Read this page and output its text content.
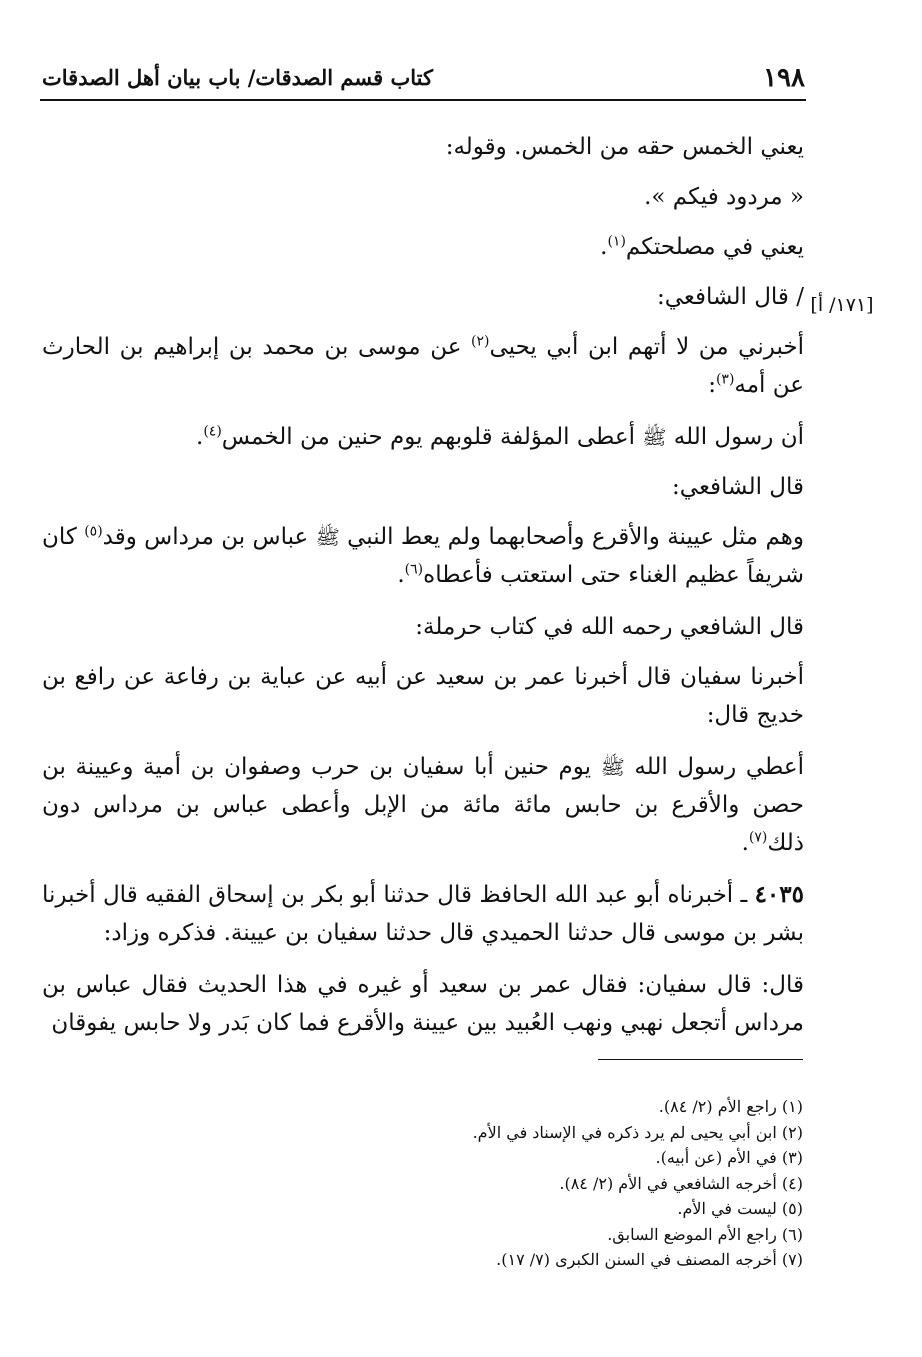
١٩٨
كتاب قسم الصدقات/ باب بيان أهل الصدقات
[١٧١/ أ]

يعني الخمس حقه من الخمس. وقوله:

« مردود فيكم ».

يعني في مصلحتكم$^{(١)}$.

/ قال الشافعي:

أخبرني من لا أتهم ابن أبي يحيى$^{(٢)}$ عن موسى بن محمد بن إبراهيم بن الحارث عن أمه$^{(٣)}$:

أن رسول الله ﷺ أعطى المؤلفة قلوبهم يوم حنين من الخمس$^{(٤)}$.

قال الشافعي:

وهم مثل عيينة والأقرع وأصحابهما ولم يعط النبي ﷺ عباس بن مرداس وقد$^{(٥)}$ كان شريفاً عظيم الغناء حتى استعتب فأعطاه$^{(٦)}$.

قال الشافعي رحمه الله في كتاب حرملة:

أخبرنا سفيان قال أخبرنا عمر بن سعيد عن أبيه عن عباية بن رفاعة عن رافع بن خديج قال:

أعطي رسول الله ﷺ يوم حنين أبا سفيان بن حرب وصفوان بن أمية وعيينة بن حصن والأقرع بن حابس مائة مائة من الإبل وأعطى عباس بن مرداس دون ذلك$^{(٧)}$.

٤٠٣٥ ـ أخبرناه أبو عبد الله الحافظ قال حدثنا أبو بكر بن إسحاق الفقيه قال أخبرنا بشر بن موسى قال حدثنا الحميدي قال حدثنا سفيان بن عيينة. فذكره وزاد:

قال: قال سفيان: فقال عمر بن سعيد أو غيره في هذا الحديث فقال عباس بن مرداس أتجعل نهبي ونهب العُبيد بين عيينة والأقرع فما كان بَدر ولا حابس يفوقان

(١) راجع الأم (٢/ ٨٤).
(٢) ابن أبي يحيى لم يرد ذكره في الإسناد في الأم.
(٣) في الأم (عن أبيه).
(٤) أخرجه الشافعي في الأم (٢/ ٨٤).
(٥) ليست في الأم.
(٦) راجع الأم الموضع السابق.
(٧) أخرجه المصنف في السنن الكبرى (٧/ ١٧).
